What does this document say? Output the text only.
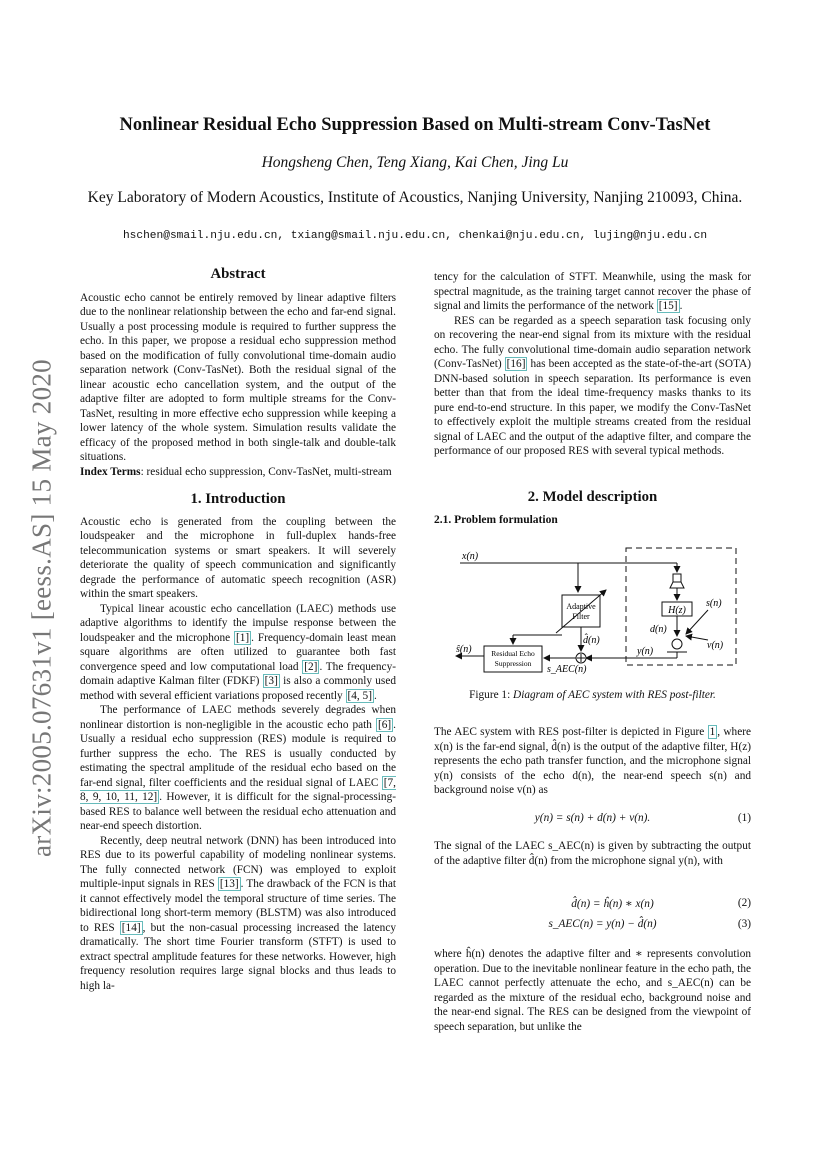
arXiv:2005.07631v1 [eess.AS] 15 May 2020
Nonlinear Residual Echo Suppression Based on Multi-stream Conv-TasNet
Hongsheng Chen, Teng Xiang, Kai Chen, Jing Lu
Key Laboratory of Modern Acoustics, Institute of Acoustics, Nanjing University, Nanjing 210093, China.
hschen@smail.nju.edu.cn, txiang@smail.nju.edu.cn, chenkai@nju.edu.cn, lujing@nju.edu.cn
Abstract

Acoustic echo cannot be entirely removed by linear adaptive filters due to the nonlinear relationship between the echo and far-end signal. Usually a post processing module is required to further suppress the echo. In this paper, we propose a residual echo suppression method based on the modification of fully convolutional time-domain audio separation network (Conv-TasNet). Both the residual signal of the linear acoustic echo cancellation system, and the output of the adaptive filter are adopted to form multiple streams for the Conv-TasNet, resulting in more effective echo suppression while keeping a lower latency of the whole system. Simulation results validate the efficacy of the proposed method in both single-talk and double-talk situations.

Index Terms: residual echo suppression, Conv-TasNet, multi-stream

1. Introduction

Acoustic echo is generated from the coupling between the loudspeaker and the microphone in full-duplex hands-free telecommunication systems or smart speakers. It will severely deteriorate the quality of speech communication and significantly degrade the performance of automatic speech recognition (ASR) within the smart speakers.

Typical linear acoustic echo cancellation (LAEC) methods use adaptive algorithms to identify the impulse response between the loudspeaker and the microphone [1] . Frequency-domain least mean square algorithms are often utilized to guarantee both fast convergence speed and low computational load [2] . The frequency-domain adaptive Kalman filter (FDKF) [3] is also a commonly used method with several efficient variations proposed recently [4, 5] .

The performance of LAEC methods severely degrades when nonlinear distortion is non-negligible in the acoustic echo path [6] . Usually a residual echo suppression (RES) module is required to further suppress the echo. The RES is usually conducted by estimating the spectral amplitude of the residual echo based on the far-end signal, filter coefficients and the residual signal of LAEC [7, 8, 9, 10, 11, 12] . However, it is difficult for the signal-processing-based RES to balance well between the residual echo attenuation and near-end speech distortion.

Recently, deep neutral network (DNN) has been introduced into RES due to its powerful capability of modeling nonlinear systems. The fully connected network (FCN) was employed to exploit multiple-input signals in RES [13] . The drawback of the FCN is that it cannot effectively model the temporal structure of time series. The bidirectional long short-term memory (BLSTM) was also introduced to RES [14] , but the non-casual processing increased the latency dramatically. The short time Fourier transform (STFT) is used to extract spectral amplitude features for these networks. However, high frequency resolution requires large signal blocks and thus leads to high la-

tency for the calculation of STFT. Meanwhile, using the mask for spectral magnitude, as the training target cannot recover the phase of signal and limits the performance of the network [15] .

RES can be regarded as a speech separation task focusing only on recovering the near-end signal from its mixture with the residual echo. The fully convolutional time-domain audio separation network (Conv-TasNet) [16] has been accepted as the state-of-the-art (SOTA) DNN-based solution in speech separation. Its performance is even better than that from the ideal time-frequency masks thanks to its pure end-to-end structure. In this paper, we modify the Conv-TasNet to effectively exploit the multiple streams created from the residual signal of LAEC and the output of the adaptive filter, and compare the performance of our proposed RES with several typical methods.

2. Model description
2.1. Problem formulation
Adaptive
Filter
H(z)
d(n)
s(n)
v(n)
y(n)
d̂(n)
s_AEC(n)
Residual Echo
Suppression
ŝ(n)
x(n)
Figure 1: Diagram of AEC system with RES post-filter.

The AEC system with RES post-filter is depicted in Figure 1 , where x(n) is the far-end signal, d̂(n) is the output of the adaptive filter, H(z) represents the echo path transfer function, and the microphone signal y(n) consists of the echo d(n), the near-end speech s(n) and background noise v(n) as

y(n) = s(n) + d(n) + v(n).	(1)

The signal of the LAEC s_AEC(n) is given by subtracting the output of the adaptive filter d̂(n) from the microphone signal y(n), with

d̂(n) = ĥ(n) ∗ x(n)	(2)
s_AEC(n) = y(n) − d̂(n)	(3)

where ĥ(n) denotes the adaptive filter and ∗ represents convolution operation. Due to the inevitable nonlinear feature in the echo path, the LAEC cannot perfectly attenuate the echo, and s_AEC(n) can be regarded as the mixture of the residual echo, background noise and the near-end signal. The RES can be designed from the viewpoint of speech separation, but unlike the
